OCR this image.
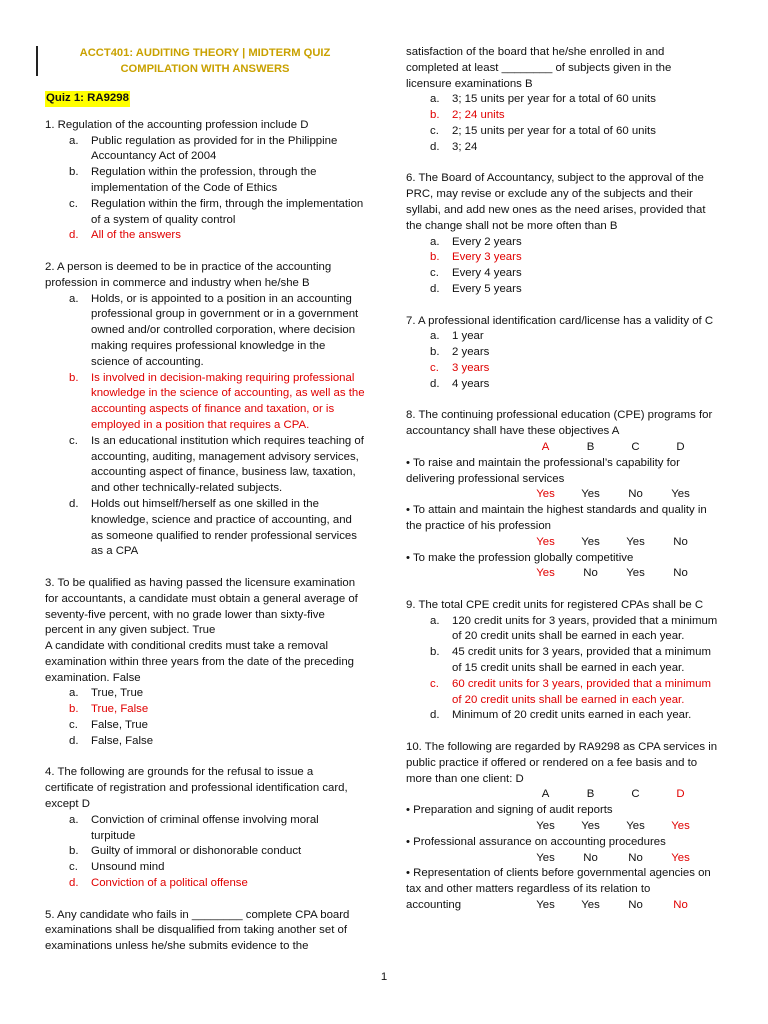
ACCT401: AUDITING THEORY | MIDTERM QUIZ

COMPILATION WITH ANSWERS

Quiz 1: RA9298

1. Regulation of the accounting profession include D

a.	Public regulation as provided for in the Philippine Accountancy Act of 2004
b.	Regulation within the profession, through the implementation of the Code of Ethics
c.	Regulation within the firm, through the implementation of a system of quality control
d.	All of the answers

2. A person is deemed to be in practice of the accounting profession in commerce and industry when he/she B

a.	Holds, or is appointed to a position in an accounting professional group in government or in a government owned and/or controlled corporation, where decision making requires professional knowledge in the science of accounting.
b.	Is involved in decision-making requiring professional knowledge in the science of accounting, as well as the accounting aspects of finance and taxation, or is employed in a position that requires a CPA.
c.	Is an educational institution which requires teaching of accounting, auditing, management advisory services, accounting aspect of finance, business law, taxation, and other technically-related subjects.
d.	Holds out himself/herself as one skilled in the knowledge, science and practice of accounting, and as someone qualified to render professional services as a CPA

3. To be qualified as having passed the licensure examination for accountants, a candidate must obtain a general average of seventy-five percent, with no grade lower than sixty-five percent in any given subject. True

A candidate with conditional credits must take a removal examination within three years from the date of the preceding examination. False

a.	True, True
b.	True, False
c.	False, True
d.	False, False

4. The following are grounds for the refusal to issue a certificate of registration and professional identification card, except D

a.	Conviction of criminal offense involving moral turpitude
b.	Guilty of immoral or dishonorable conduct
c.	Unsound mind
d.	Conviction of a political offense

5. Any candidate who fails in ________ complete CPA board examinations shall be disqualified from taking another set of examinations unless he/she submits evidence to the

satisfaction of the board that he/she enrolled in and completed at least ________ of subjects given in the licensure examinations B

a.	3; 15 units per year for a total of 60 units
b.	2; 24 units
c.	2; 15 units per year for a total of 60 units
d.	3; 24

6. The Board of Accountancy, subject to the approval of the PRC, may revise or exclude any of the subjects and their syllabi, and add new ones as the need arises, provided that the change shall not be more often than B

a.	Every 2 years
b.	Every 3 years
c.	Every 4 years
d.	Every 5 years

7. A professional identification card/license has a validity of C

a.	1 year
b.	2 years
c.	3 years
d.	4 years

8. The continuing professional education (CPE) programs for accountancy shall have these objectives A

A	B	C	D

• To raise and maintain the professional’s capability for delivering professional services

Yes	Yes	No	Yes

• To attain and maintain the highest standards and quality in the practice of his profession

Yes	Yes	Yes	No

• To make the profession globally competitive

Yes	No	Yes	No

9. The total CPE credit units for registered CPAs shall be C

a.	120 credit units for 3 years, provided that a minimum of 20 credit units shall be earned in each year.
b.	45 credit units for 3 years, provided that a minimum of 15 credit units shall be earned in each year.
c.	60 credit units for 3 years, provided that a minimum of 20 credit units shall be earned in each year.
d.	Minimum of 20 credit units earned in each year.

10. The following are regarded by RA9298 as CPA services in public practice if offered or rendered on a fee basis and to more than one client: D

A	B	C	D

• Preparation and signing of audit reports

Yes	Yes	Yes	Yes

• Professional assurance on accounting procedures

Yes	No	No	Yes

• Representation of clients before governmental agencies on tax and other matters regardless of its relation to

accounting	Yes	Yes	No	No
1
